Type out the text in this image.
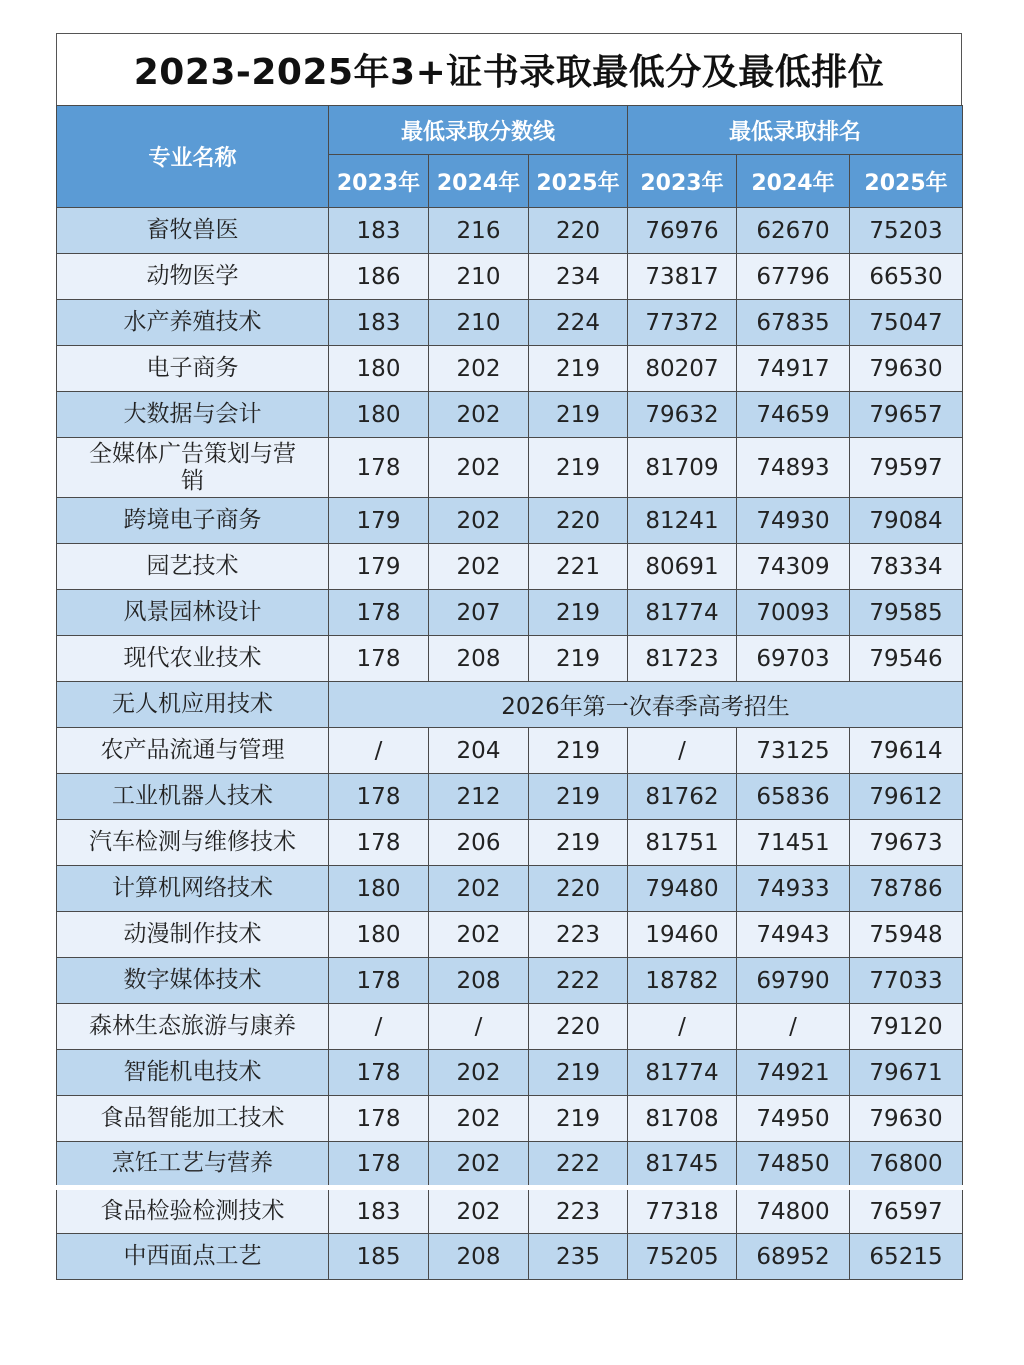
2023-2025年3+证书录取最低分及最低排位
专业名称	最低录取分数线			最低录取排名		
	2023年	2024年	2025年	2023年	2024年	2025年
畜牧兽医	183	216	220	76976	62670	75203
动物医学	186	210	234	73817	67796	66530
水产养殖技术	183	210	224	77372	67835	75047
电子商务	180	202	219	80207	74917	79630
大数据与会计	180	202	219	79632	74659	79657
全媒体广告策划与营销	178	202	219	81709	74893	79597
跨境电子商务	179	202	220	81241	74930	79084
园艺技术	179	202	221	80691	74309	78334
风景园林设计	178	207	219	81774	70093	79585
现代农业技术	178	208	219	81723	69703	79546
无人机应用技术	2026年第一次春季高考招生					
农产品流通与管理	/	204	219	/	73125	79614
工业机器人技术	178	212	219	81762	65836	79612
汽车检测与维修技术	178	206	219	81751	71451	79673
计算机网络技术	180	202	220	79480	74933	78786
动漫制作技术	180	202	223	19460	74943	75948
数字媒体技术	178	208	222	18782	69790	77033
森林生态旅游与康养	/	/	220	/	/	79120
智能机电技术	178	202	219	81774	74921	79671
食品智能加工技术	178	202	219	81708	74950	79630
烹饪工艺与营养	178	202	222	81745	74850	76800
食品检验检测技术	183	202	223	77318	74800	76597
中西面点工艺	185	208	235	75205	68952	65215
